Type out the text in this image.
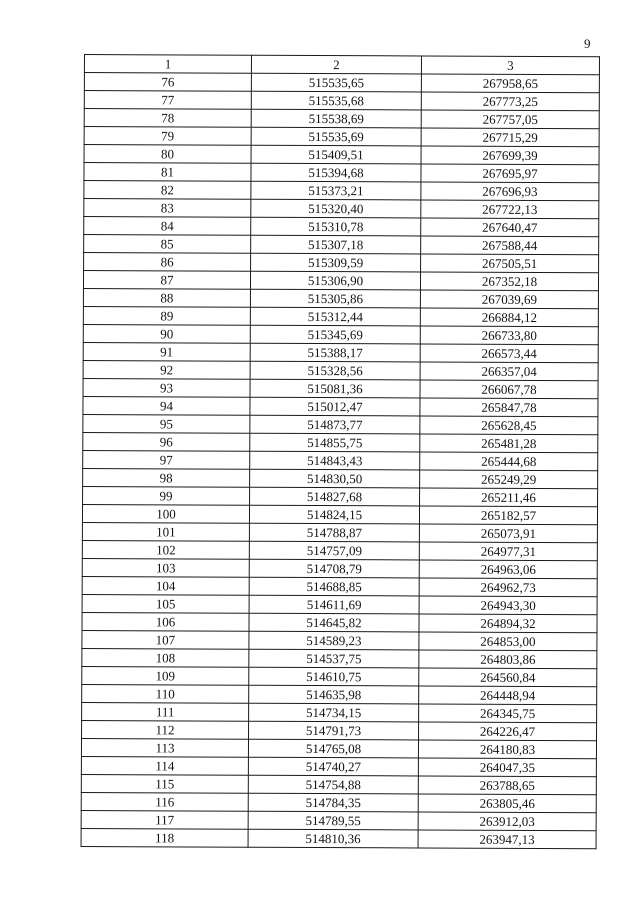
9
1	2	3
76	515535,65	267958,65
77	515535,68	267773,25
78	515538,69	267757,05
79	515535,69	267715,29
80	515409,51	267699,39
81	515394,68	267695,97
82	515373,21	267696,93
83	515320,40	267722,13
84	515310,78	267640,47
85	515307,18	267588,44
86	515309,59	267505,51
87	515306,90	267352,18
88	515305,86	267039,69
89	515312,44	266884,12
90	515345,69	266733,80
91	515388,17	266573,44
92	515328,56	266357,04
93	515081,36	266067,78
94	515012,47	265847,78
95	514873,77	265628,45
96	514855,75	265481,28
97	514843,43	265444,68
98	514830,50	265249,29
99	514827,68	265211,46
100	514824,15	265182,57
101	514788,87	265073,91
102	514757,09	264977,31
103	514708,79	264963,06
104	514688,85	264962,73
105	514611,69	264943,30
106	514645,82	264894,32
107	514589,23	264853,00
108	514537,75	264803,86
109	514610,75	264560,84
110	514635,98	264448,94
111	514734,15	264345,75
112	514791,73	264226,47
113	514765,08	264180,83
114	514740,27	264047,35
115	514754,88	263788,65
116	514784,35	263805,46
117	514789,55	263912,03
118	514810,36	263947,13
